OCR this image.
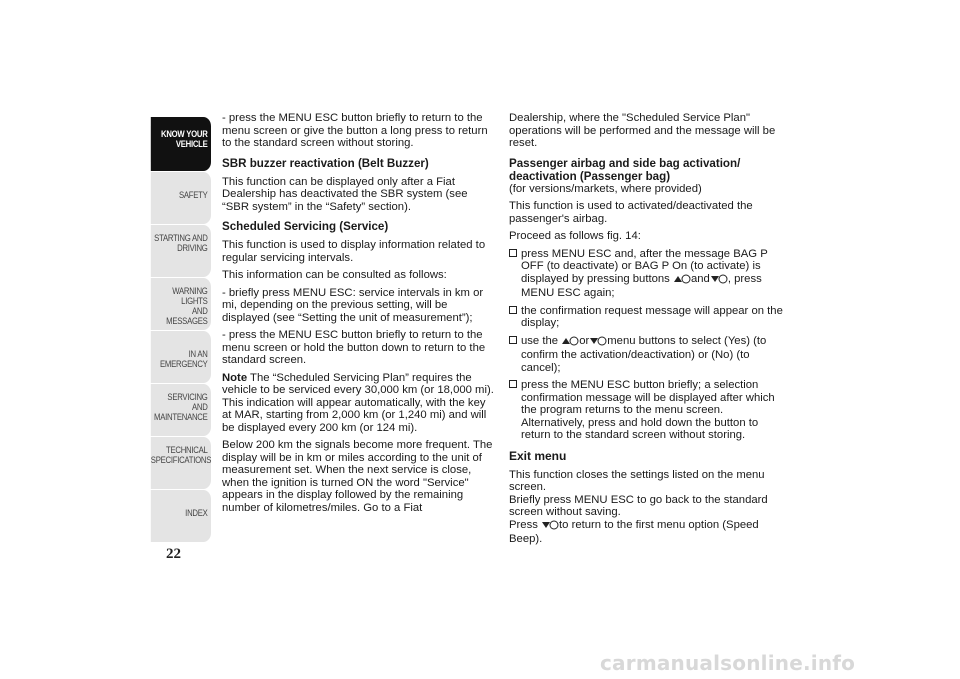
KNOW YOUR
VEHICLE
SAFETY
STARTING AND
DRIVING
WARNING LIGHTS
AND MESSAGES
IN AN EMERGENCY
SERVICING AND
MAINTENANCE
TECHNICAL
SPECIFICATIONS
INDEX
22

- press the MENU ESC button briefly to return to the menu screen or give the button a long press to return to the standard screen without storing.

SBR buzzer reactivation (Belt Buzzer)

This function can be displayed only after a Fiat Dealership has deactivated the SBR system (see “SBR system” in the “Safety” section).

Scheduled Servicing (Service)

This function is used to display information related to regular servicing intervals.

This information can be consulted as follows:

- briefly press MENU ESC: service intervals in km or mi, depending on the previous setting, will be displayed (see “Setting the unit of measurement”);

- press the MENU ESC button briefly to return to the menu screen or hold the button down to return to the standard screen.

Note The “Scheduled Servicing Plan” requires the vehicle to be serviced every 30,000 km (or 18,000 mi). This indication will appear automatically, with the key at MAR, starting from 2,000 km (or 1,240 mi) and will be displayed every 200 km (or 124 mi).

Below 200 km the signals become more frequent. The display will be in km or miles according to the unit of measurement set. When the next service is close, when the ignition is turned ON the word "Service" appears in the display followed by the remaining number of kilometres/miles. Go to a Fiat

Dealership, where the "Scheduled Service Plan" operations will be performed and the message will be reset.

Passenger airbag and side bag activation/ deactivation (Passenger bag)

(for versions/markets, where provided)

This function is used to activated/deactivated the passenger's airbag.

Proceed as follows fig. 14:

press MENU ESC and, after the message BAG P OFF (to deactivate) or BAG P On (to activate) is displayed by pressing buttons and , press MENU ESC again;
the confirmation request message will appear on the display;
use the or menu buttons to select (Yes) (to confirm the activation/deactivation) or (No) (to cancel);
press the MENU ESC button briefly; a selection confirmation message will be displayed after which the program returns to the menu screen. Alternatively, press and hold down the button to return to the standard screen without storing.
Exit menu

This function closes the settings listed on the menu screen.

Briefly press MENU ESC to go back to the standard screen without saving.

Press to return to the first menu option (Speed Beep).

carmanualsonline.info
